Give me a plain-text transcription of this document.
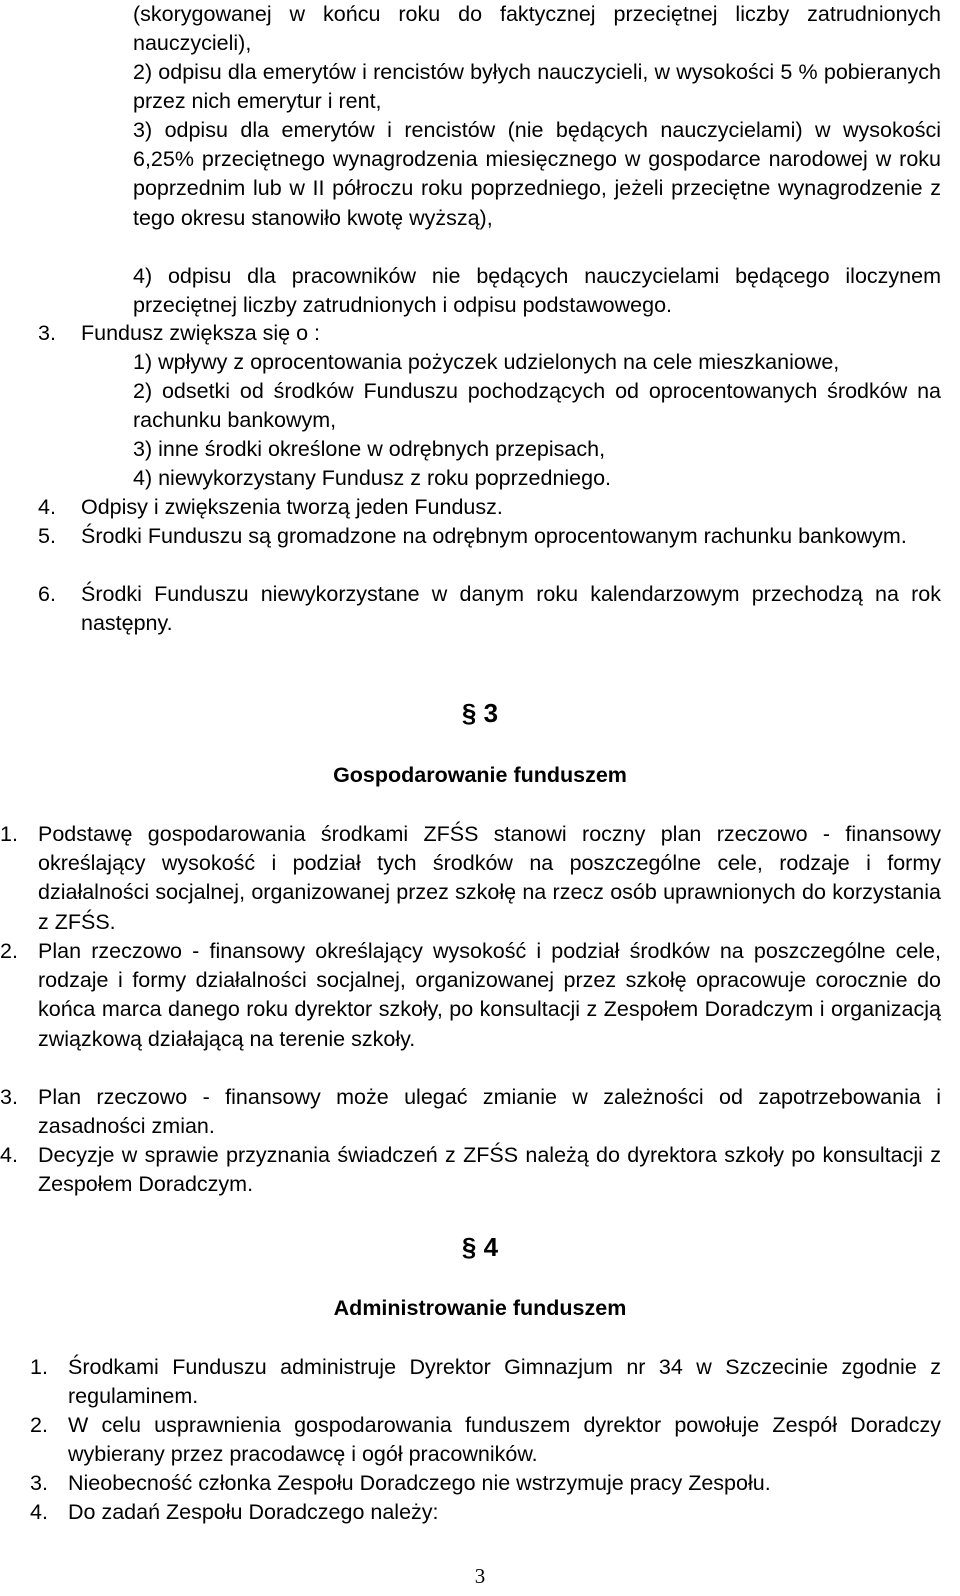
(skorygowanej w końcu roku do faktycznej przeciętnej liczby zatrudnionych nauczycieli),

2) odpisu dla emerytów i rencistów byłych nauczycieli, w wysokości 5 % pobieranych przez nich emerytur i rent,

3) odpisu dla emerytów i rencistów (nie będących nauczycielami) w wysokości 6,25% przeciętnego wynagrodzenia miesięcznego w gospodarce narodowej w roku poprzednim lub w II półroczu roku poprzedniego, jeżeli przeciętne wynagrodzenie z tego okresu stanowiło kwotę wyższą),

4) odpisu dla pracowników nie będących nauczycielami będącego iloczynem przeciętnej liczby zatrudnionych i odpisu podstawowego.

3. Fundusz zwiększa się o :

1) wpływy z oprocentowania pożyczek udzielonych na cele mieszkaniowe,

2) odsetki od środków Funduszu pochodzących od oprocentowanych środków na rachunku bankowym,

3) inne środki określone w odrębnych przepisach,

4) niewykorzystany Fundusz z roku poprzedniego.

4. Odpisy i zwiększenia tworzą jeden Fundusz.

5. Środki Funduszu są gromadzone na odrębnym oprocentowanym rachunku bankowym.

6. Środki Funduszu niewykorzystane w danym roku kalendarzowym przechodzą na rok następny.

§ 3

Gospodarowanie funduszem

1. Podstawę gospodarowania środkami ZFŚS stanowi roczny plan rzeczowo - finansowy określający wysokość i podział tych środków na poszczególne cele, rodzaje i formy działalności socjalnej, organizowanej przez szkołę na rzecz osób uprawnionych do korzystania z ZFŚS.

2. Plan rzeczowo - finansowy określający wysokość i podział środków na poszczególne cele, rodzaje i formy działalności socjalnej, organizowanej przez szkołę opracowuje corocznie do końca marca danego roku dyrektor szkoły, po konsultacji z Zespołem Doradczym i organizacją związkową działającą na terenie szkoły.

3. Plan rzeczowo - finansowy może ulegać zmianie w zależności od zapotrzebowania i zasadności zmian.

4. Decyzje w sprawie przyznania świadczeń z ZFŚS należą do dyrektora szkoły po konsultacji z Zespołem Doradczym.

§ 4

Administrowanie funduszem

1. Środkami Funduszu administruje Dyrektor Gimnazjum nr 34 w Szczecinie zgodnie z regulaminem.

2. W celu usprawnienia gospodarowania funduszem dyrektor powołuje Zespół Doradczy wybierany przez pracodawcę i ogół pracowników.

3. Nieobecność członka Zespołu Doradczego nie wstrzymuje pracy Zespołu.

4. Do zadań Zespołu Doradczego należy:

3
